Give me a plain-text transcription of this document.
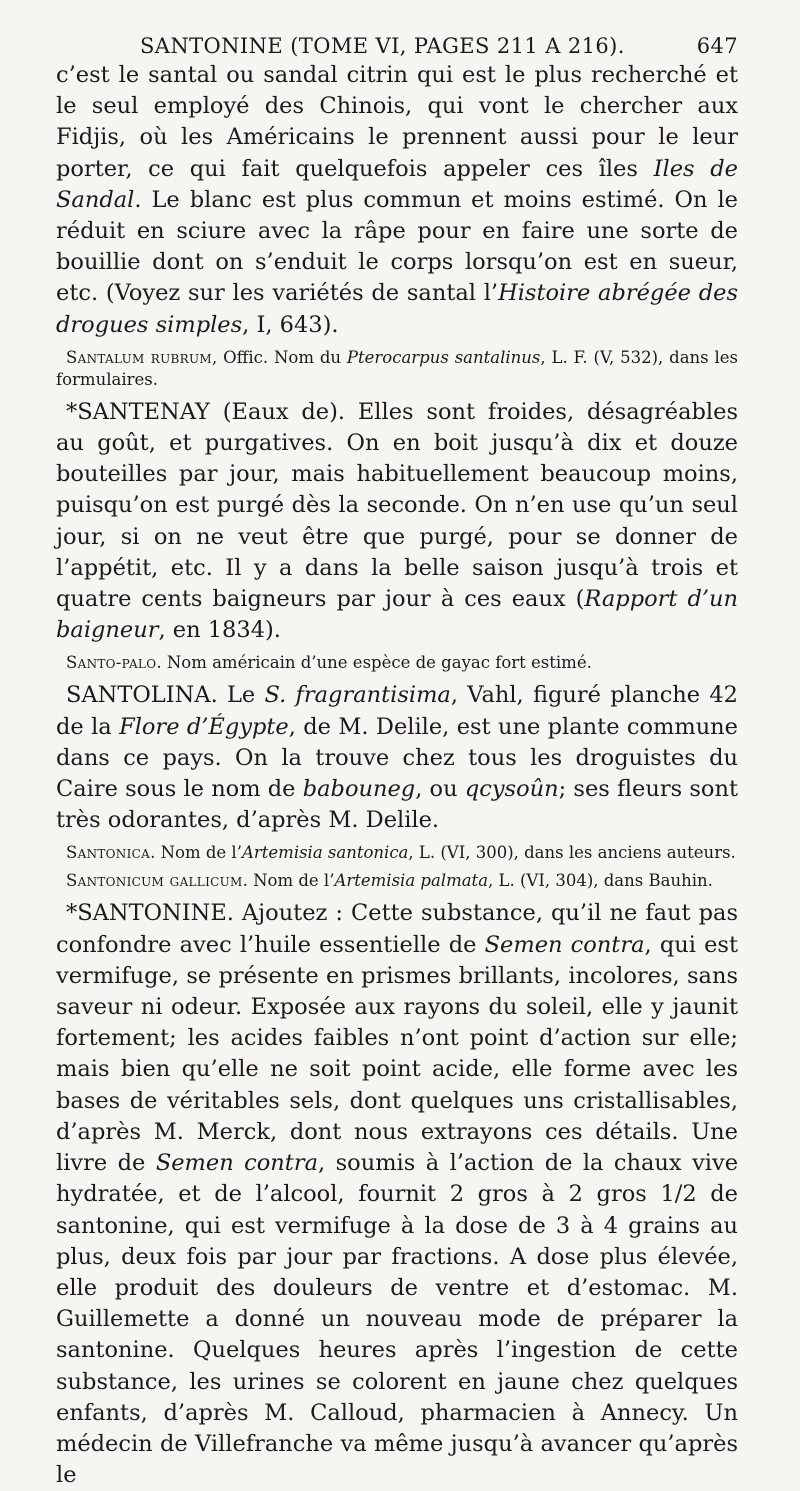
SANTONINE (TOME VI, PAGES 211 A 216).	647

c’est le santal ou sandal citrin qui est le plus recherché et le seul employé des Chinois, qui vont le chercher aux Fidjis, où les Américains le prennent aussi pour le leur porter, ce qui fait quelquefois appeler ces îles Iles de Sandal. Le blanc est plus commun et moins estimé. On le réduit en sciure avec la râpe pour en faire une sorte de bouillie dont on s’enduit le corps lorsqu’on est en sueur, etc. (Voyez sur les variétés de santal l’Histoire abrégée des drogues simples, I, 643).

Santalum rubrum, Offic. Nom du Pterocarpus santalinus, L. F. (V, 532), dans les formulaires.

*SANTENAY (Eaux de). Elles sont froides, désagréables au goût, et purgatives. On en boit jusqu’à dix et douze bouteilles par jour, mais habituellement beaucoup moins, puisqu’on est purgé dès la seconde. On n’en use qu’un seul jour, si on ne veut être que purgé, pour se donner de l’appétit, etc. Il y a dans la belle saison jusqu’à trois et quatre cents baigneurs par jour à ces eaux (Rapport d’un baigneur, en 1834).

Santo-palo. Nom américain d’une espèce de gayac fort estimé.

SANTOLINA. Le S. fragrantisima, Vahl, figuré planche 42 de la Flore d’Égypte, de M. Delile, est une plante commune dans ce pays. On la trouve chez tous les droguistes du Caire sous le nom de babouneg, ou qcysoûn; ses fleurs sont très odorantes, d’après M. Delile.

Santonica. Nom de l’Artemisia santonica, L. (VI, 300), dans les anciens auteurs.

Santonicum gallicum. Nom de l’Artemisia palmata, L. (VI, 304), dans Bauhin.

*SANTONINE. Ajoutez : Cette substance, qu’il ne faut pas confondre avec l’huile essentielle de Semen contra, qui est vermifuge, se présente en prismes brillants, incolores, sans saveur ni odeur. Exposée aux rayons du soleil, elle y jaunit fortement; les acides faibles n’ont point d’action sur elle; mais bien qu’elle ne soit point acide, elle forme avec les bases de véritables sels, dont quelques uns cristallisables, d’après M. Merck, dont nous extrayons ces détails. Une livre de Semen contra, soumis à l’action de la chaux vive hydratée, et de l’alcool, fournit 2 gros à 2 gros 1/2 de santonine, qui est vermifuge à la dose de 3 à 4 grains au plus, deux fois par jour par fractions. A dose plus élevée, elle produit des douleurs de ventre et d’estomac. M. Guillemette a donné un nouveau mode de préparer la santonine. Quelques heures après l’ingestion de cette substance, les urines se colorent en jaune chez quelques enfants, d’après M. Calloud, pharmacien à Annecy. Un médecin de Villefranche va même jusqu’à avancer qu’après le
